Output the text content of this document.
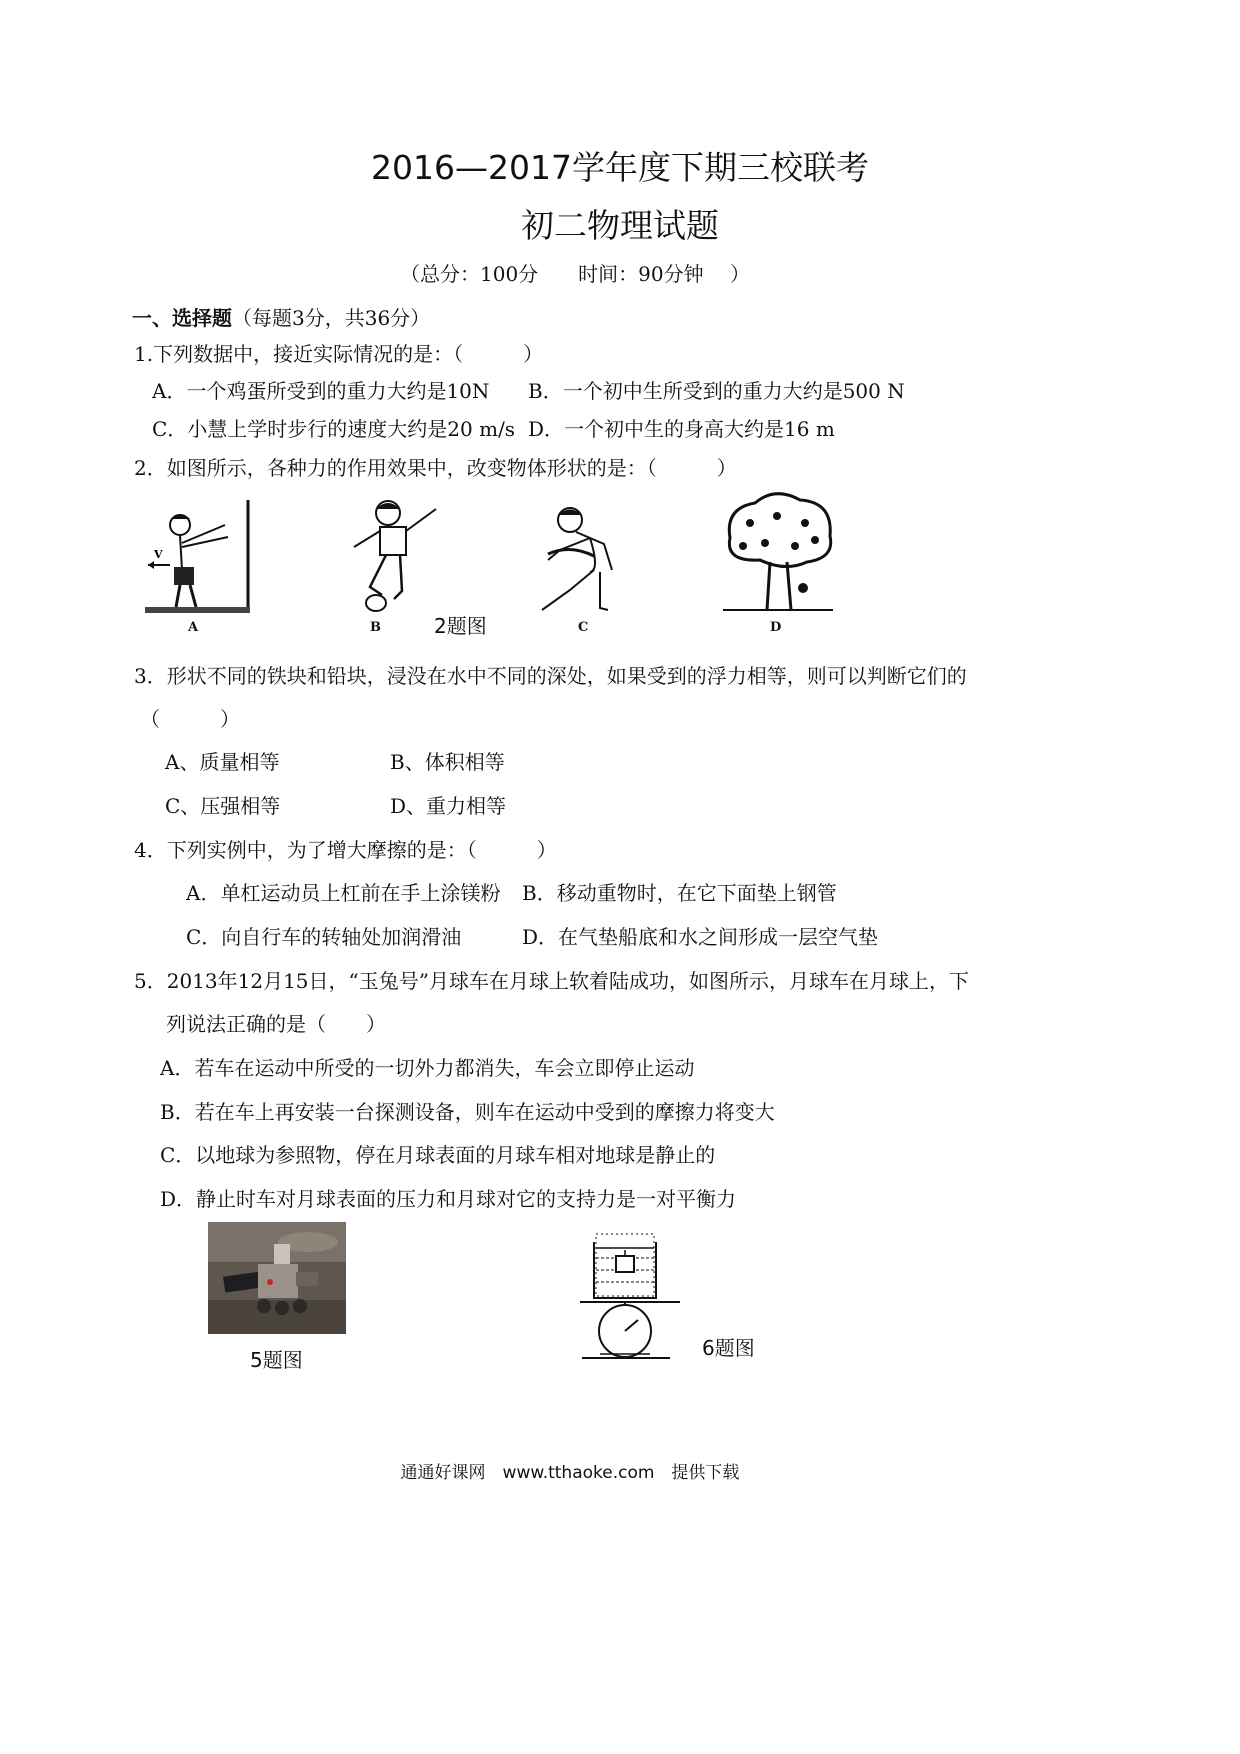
2016—2017学年度下期三校联考
初二物理试题
（总分：100分　　时间：90分钟　 ）
一、选择题（每题3分，共36分）
1.下列数据中，接近实际情况的是：（　　　）
A．一个鸡蛋所受到的重力大约是10N B．一个初中生所受到的重力大约是500 N
C．小慧上学时步行的速度大约是20 m/s D．一个初中生的身高大约是16 m
2．如图所示，各种力的作用效果中，改变物体形状的是：（　　　）
V
A	B	2题图	C	D
3．形状不同的铁块和铅块，浸没在水中不同的深处，如果受到的浮力相等，则可以判断它们的
（　　　）
A、质量相等	B、体积相等
C、压强相等	D、重力相等
4．下列实例中，为了增大摩擦的是：（　　　）
A．单杠运动员上杠前在手上涂镁粉 B．移动重物时，在它下面垫上钢管
C．向自行车的转轴处加润滑油	D．在气垫船底和水之间形成一层空气垫
5．2013年12月15日，“玉兔号”月球车在月球上软着陆成功，如图所示，月球车在月球上，下
列说法正确的是（　　）
A．若车在运动中所受的一切外力都消失，车会立即停止运动
B．若在车上再安装一台探测设备，则车在运动中受到的摩擦力将变大
C．以地球为参照物，停在月球表面的月球车相对地球是静止的
D．静止时车对月球表面的压力和月球对它的支持力是一对平衡力
5题图	6题图
通通好课网　www.tthaoke.com　提供下载
